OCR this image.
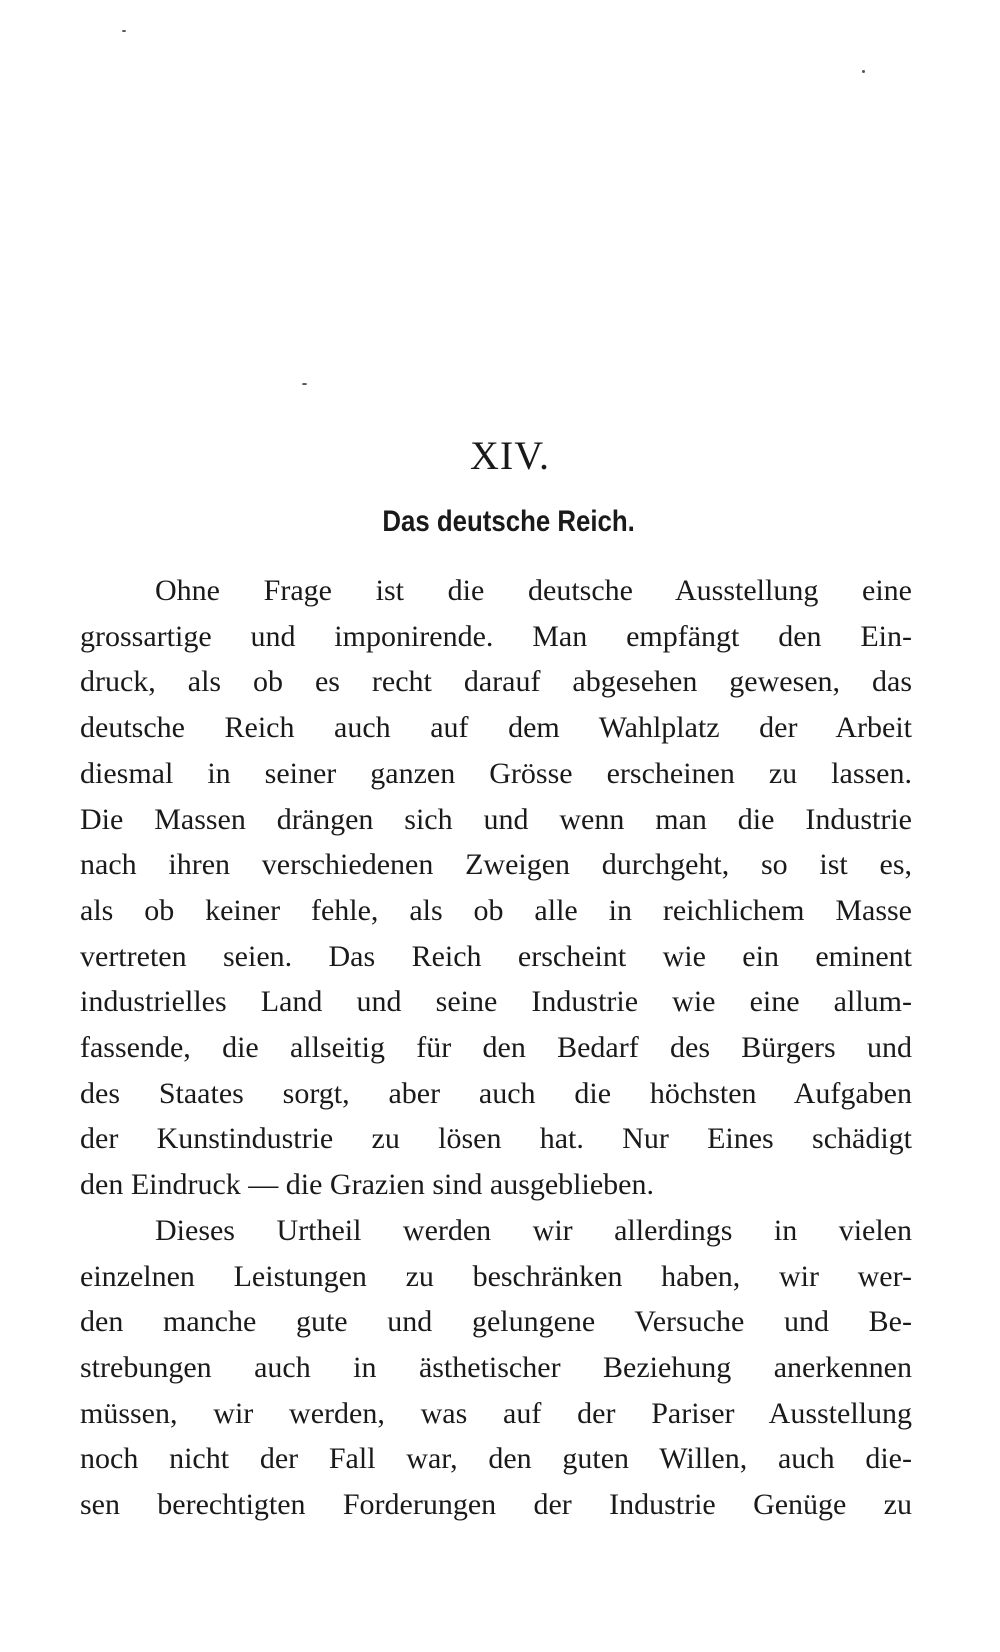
XIV.
Das deutsche Reich.
Ohne Frage ist die deutsche Ausstellung eine
grossartige und imponirende. Man empfängt den Ein-
druck, als ob es recht darauf abgesehen gewesen, das
deutsche Reich auch auf dem Wahlplatz der Arbeit
diesmal in seiner ganzen Grösse erscheinen zu lassen.
Die Massen drängen sich und wenn man die Industrie
nach ihren verschiedenen Zweigen durchgeht, so ist es,
als ob keiner fehle, als ob alle in reichlichem Masse
vertreten seien. Das Reich erscheint wie ein eminent
industrielles Land und seine Industrie wie eine allum-
fassende, die allseitig für den Bedarf des Bürgers und
des Staates sorgt, aber auch die höchsten Aufgaben
der Kunstindustrie zu lösen hat. Nur Eines schädigt
den Eindruck — die Grazien sind ausgeblieben.
Dieses Urtheil werden wir allerdings in vielen
einzelnen Leistungen zu beschränken haben, wir wer-
den manche gute und gelungene Versuche und Be-
strebungen auch in ästhetischer Beziehung anerkennen
müssen, wir werden, was auf der Pariser Ausstellung
noch nicht der Fall war, den guten Willen, auch die-
sen berechtigten Forderungen der Industrie Genüge zu
